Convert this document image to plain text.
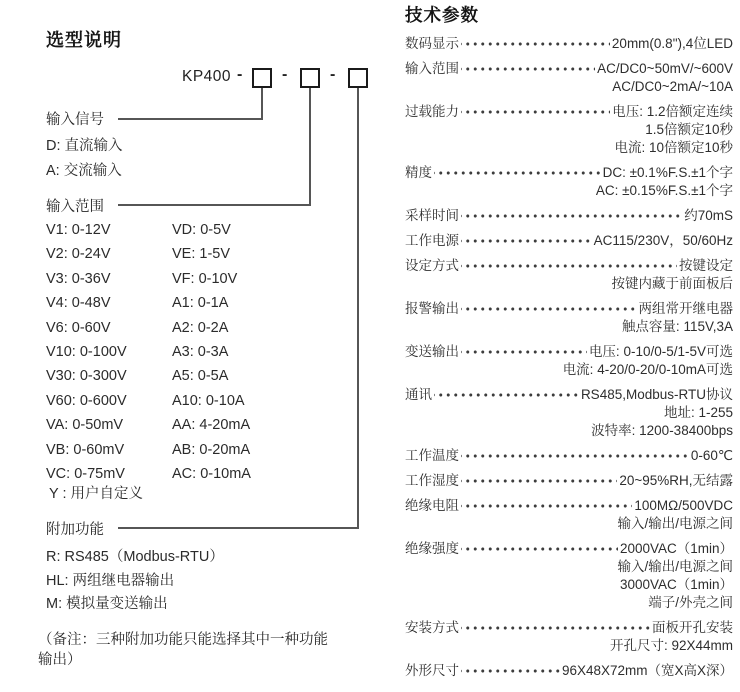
选型说明
KP400 - -	-
输入信号
D: 直流输入
A: 交流输入
输入范围
V1: 0-12V	VD: 0-5V
V2: 0-24V	VE: 1-5V
V3: 0-36V	VF: 0-10V
V4: 0-48V	A1: 0-1A
V6: 0-60V	A2: 0-2A
V10: 0-100V	A3: 0-3A
V30: 0-300V	A5: 0-5A
V60: 0-600V	A10: 0-10A
VA: 0-50mV	AA: 4-20mA
VB: 0-60mV	AB: 0-20mA
VC: 0-75mV	AC: 0-10mA
Y : 用户自定义
附加功能
R: RS485（Modbus-RTU）
HL: 两组继电器输出
M: 模拟量变送输出
（备注：三种附加功能只能选择其中一种功能
输出）
技术参数
数码显示	20mm(0.8"),4位LED
输入范围	AC/DC0~50mV/~600V
AC/DC0~2mA/~10A
过载能力	电压: 1.2倍额定连续
1.5倍额定10秒
电流: 10倍额定10秒
精度	DC: ±0.1%F.S.±1个字
AC: ±0.15%F.S.±1个字
采样时间	约70mS
工作电源	AC115/230V，50/60Hz
设定方式	按键设定
按键内藏于前面板后
报警输出	两组常开继电器
触点容量: 115V,3A
变送输出	电压: 0-10/0-5/1-5V可选
电流: 4-20/0-20/0-10mA可选
通讯	RS485,Modbus-RTU协议
地址: 1-255
波特率: 1200-38400bps
工作温度	0-60℃
工作湿度	20~95%RH,无结露
绝缘电阻	100MΩ/500VDC
输入/输出/电源之间
绝缘强度	2000VAC（1min）
输入/输出/电源之间
3000VAC（1min）
端子/外壳之间
安装方式	面板开孔安装
开孔尺寸: 92X44mm
外形尺寸	96X48X72mm（宽X高X深）
